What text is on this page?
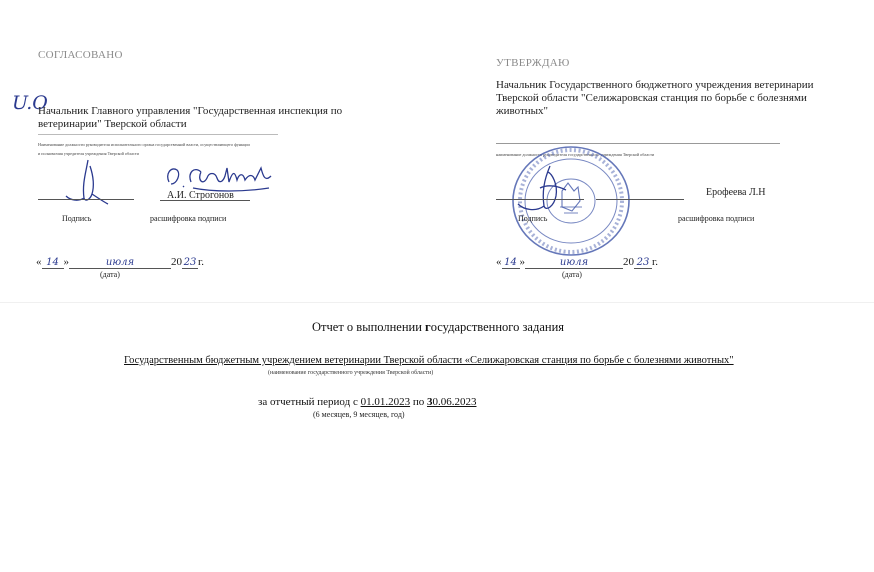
СОГЛАСОВАНО
U.O
Начальник Главного управления "Государственная инспекция по ветеринарии" Тверской области
Наименование должности руководителя исполнительного органа государственной власти, осуществляющего функции
и полномочия учредителя учреждения Тверской области
А.И. Строгонов
Подпись	расшифровка подписи
« 14 »	июля	20 23 г.
(дата)
УТВЕРЖДАЮ
Начальник Государственного бюджетного учреждения ветеринарии Тверской области "Селижаровская станция по борьбе с болезнями животных"
наименование должности руководителя государственного учреждения Тверской области
Ерофеева Л.Н
Подпись	расшифровка подписи
« 14 »	июля	20 23 г.
(дата)
Отчет о выполнении государственного задания
Государственным бюджетным учреждением ветеринарии Тверской области «Селижаровская станция по борьбе с болезнями животных"
(наименование государственного учреждения Тверской области)
за отчетный период с 01.01.2023 по 30.06.2023
(6 месяцев, 9 месяцев, год)
